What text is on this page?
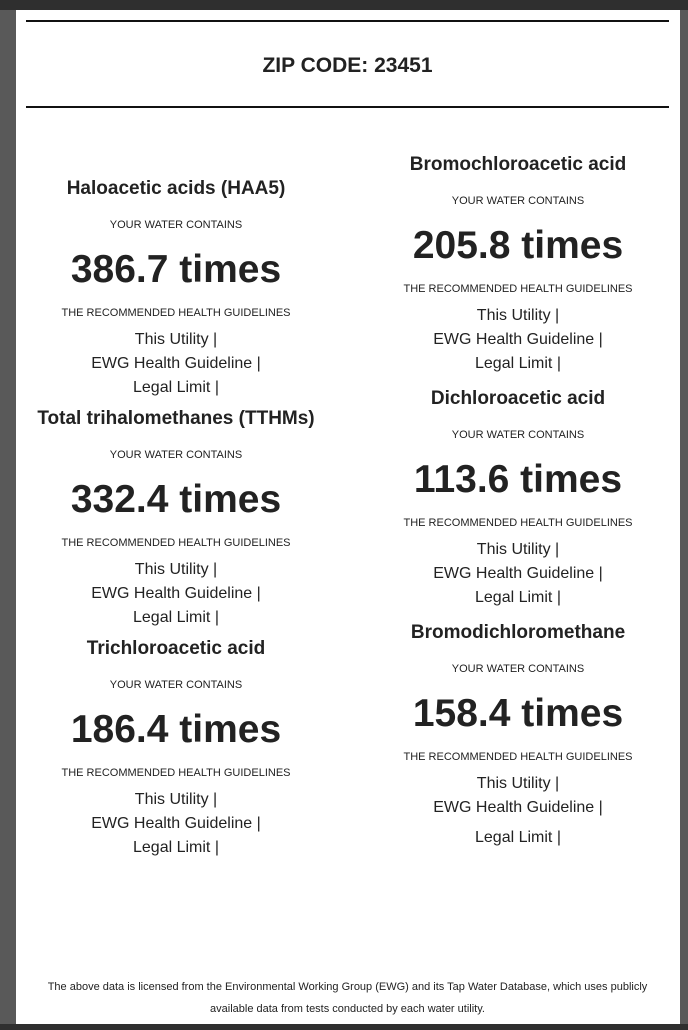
ZIP CODE: 23451
Haloacetic acids (HAA5)
YOUR WATER CONTAINS
386.7 times
THE RECOMMENDED HEALTH GUIDELINES
This Utility |
EWG Health Guideline |
Legal Limit |
Total trihalomethanes (TTHMs)
YOUR WATER CONTAINS
332.4 times
THE RECOMMENDED HEALTH GUIDELINES
This Utility |
EWG Health Guideline |
Legal Limit |
Trichloroacetic acid
YOUR WATER CONTAINS
186.4 times
THE RECOMMENDED HEALTH GUIDELINES
This Utility |
EWG Health Guideline |
Legal Limit |
Bromochloroacetic acid
YOUR WATER CONTAINS
205.8 times
THE RECOMMENDED HEALTH GUIDELINES
This Utility |
EWG Health Guideline |
Legal Limit |
Dichloroacetic acid
YOUR WATER CONTAINS
113.6 times
THE RECOMMENDED HEALTH GUIDELINES
This Utility |
EWG Health Guideline |
Legal Limit |
Bromodichloromethane
YOUR WATER CONTAINS
158.4 times
THE RECOMMENDED HEALTH GUIDELINES
This Utility |
EWG Health Guideline |
Legal Limit |
The above data is licensed from the Environmental Working Group (EWG) and its Tap Water Database, which uses publicly
available data from tests conducted by each water utility.
